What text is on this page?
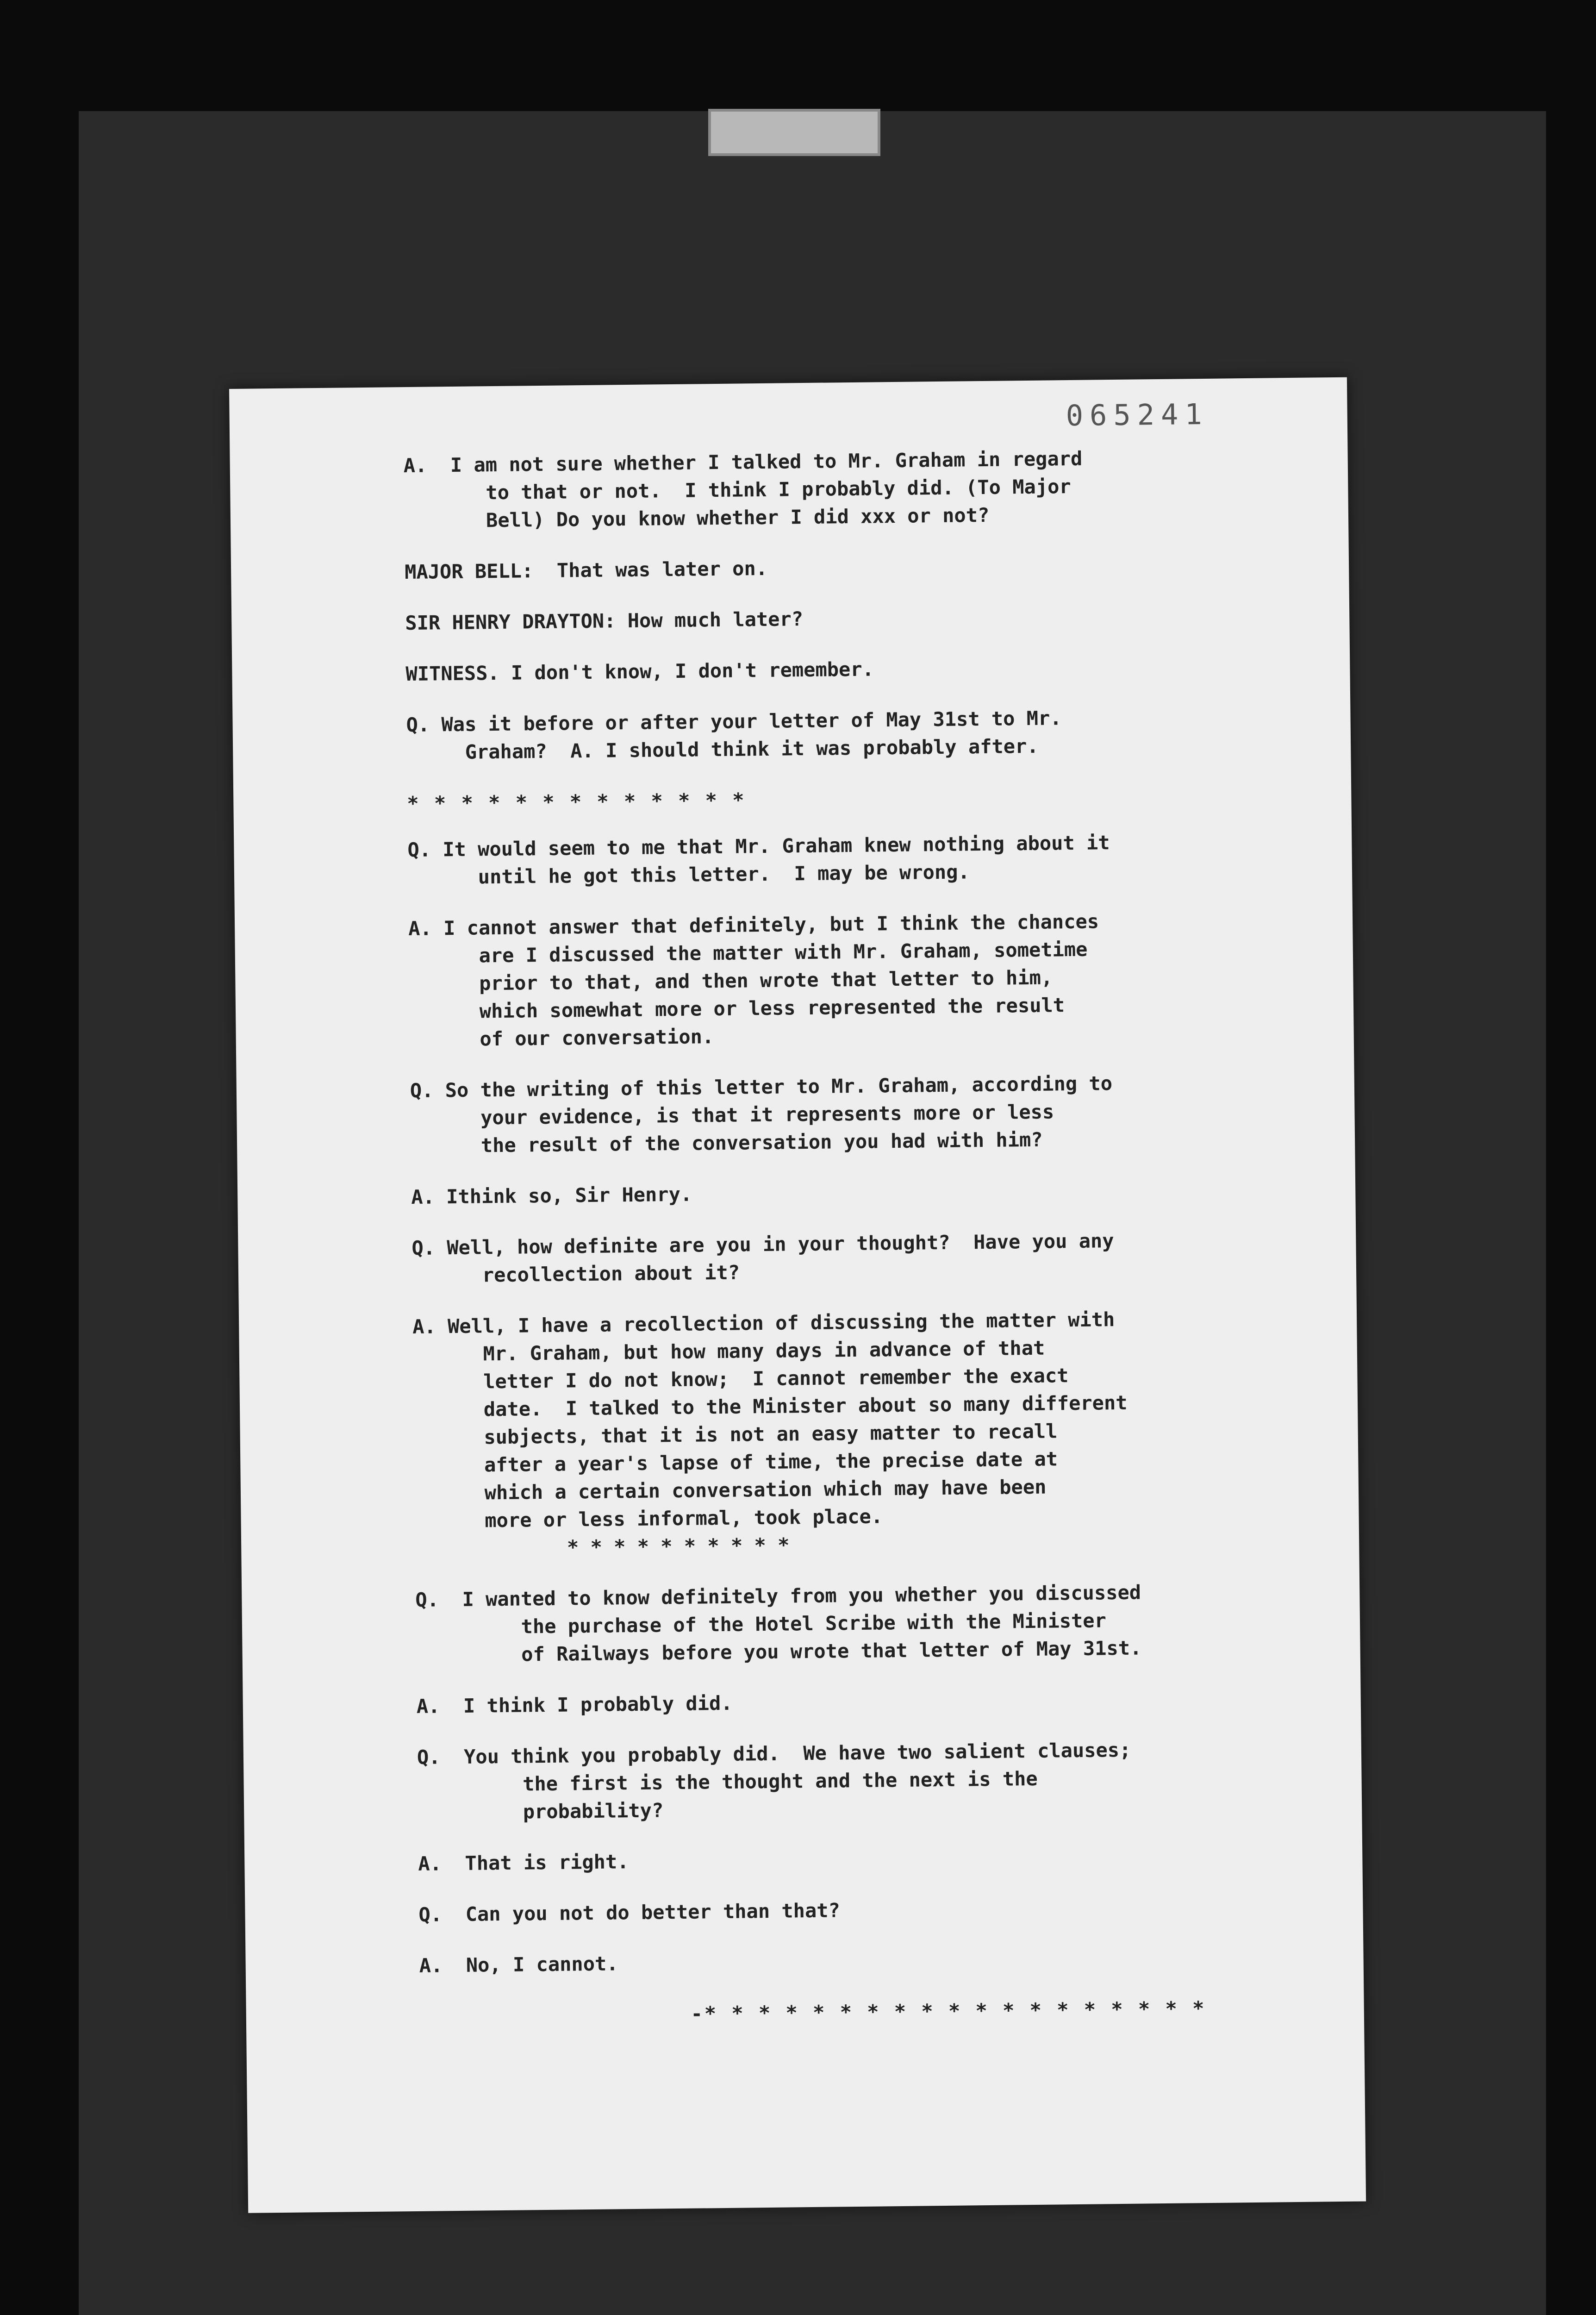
065241
A.  I am not sure whether I talked to Mr. Graham in regard
to that or not.  I think I probably did. (To Major
Bell) Do you know whether I did xxx or not?
MAJOR BELL:  That was later on.
SIR HENRY DRAYTON: How much later?
WITNESS. I don't know, I don't remember.
Q. Was it before or after your letter of May 31st to Mr.
Graham?  A. I should think it was probably after.
* * * * * * * * * * * * *
Q. It would seem to me that Mr. Graham knew nothing about it
until he got this letter.  I may be wrong.
A. I cannot answer that definitely, but I think the chances
are I discussed the matter with Mr. Graham, sometime
prior to that, and then wrote that letter to him,
which somewhat more or less represented the result
of our conversation.
Q. So the writing of this letter to Mr. Graham, according to
your evidence, is that it represents more or less
the result of the conversation you had with him?
A. Ithink so, Sir Henry.
Q. Well, how definite are you in your thought?  Have you any
recollection about it?
A. Well, I have a recollection of discussing the matter with
Mr. Graham, but how many days in advance of that
letter I do not know;  I cannot remember the exact
date.  I talked to the Minister about so many different
subjects, that it is not an easy matter to recall
after a year's lapse of time, the precise date at
which a certain conversation which may have been
more or less informal, took place.
* * * * * * * * * *
Q.  I wanted to know definitely from you whether you discussed
the purchase of the Hotel Scribe with the Minister
of Railways before you wrote that letter of May 31st.
A.  I think I probably did.
Q.  You think you probably did.  We have two salient clauses;
the first is the thought and the next is the
probability?
A.  That is right.
Q.  Can you not do better than that?
A.  No, I cannot.
-* * * * * * * * * * * * * * * * * * *
